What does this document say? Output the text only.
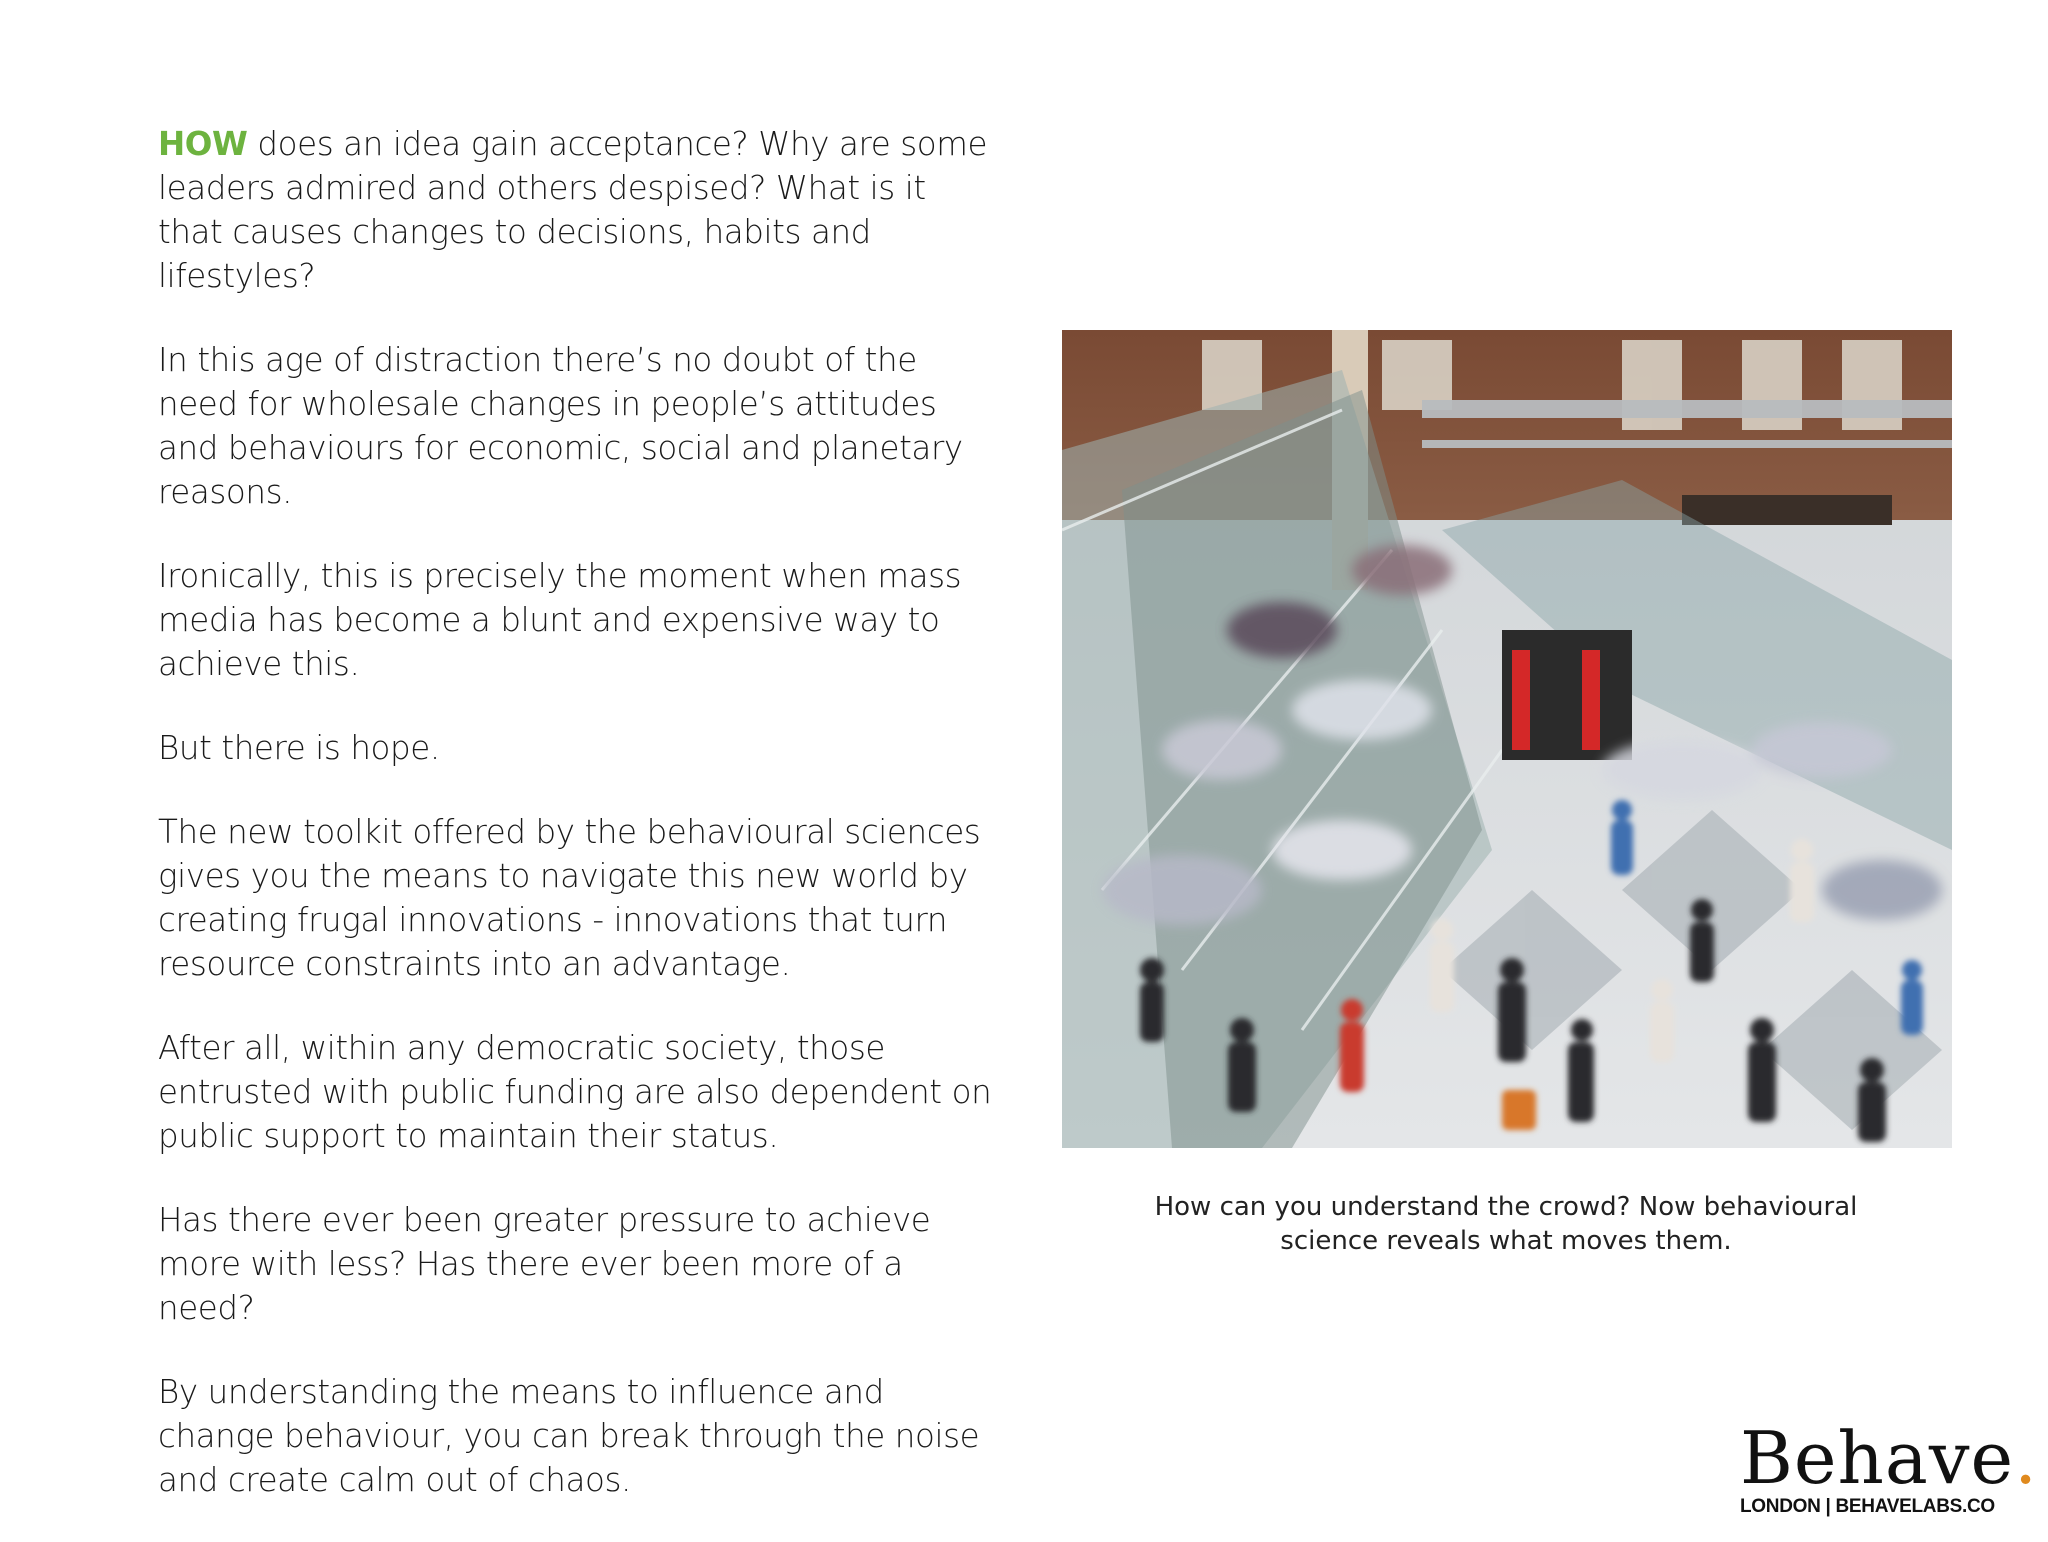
HOW does an idea gain acceptance? Why are some leaders admired and others despised? What is it that causes changes to decisions, habits and lifestyles?

In this age of distraction there’s no doubt of the need for wholesale changes in people’s attitudes and behaviours for economic, social and planetary reasons.

Ironically, this is precisely the moment when mass media has become a blunt and expensive way to achieve this.

But there is hope.

The new toolkit offered by the behavioural sciences gives you the means to navigate this new world by creating frugal innovations - innovations that turn resource constraints into an advantage.

After all, within any democratic society, those entrusted with public funding are also dependent on public support to maintain their status.

Has there ever been greater pressure to achieve more with less? Has there ever been more of a need?

By understanding the means to influence and change behaviour, you can break through the noise and create calm out of chaos.

How can you understand the crowd? Now behavioural
science reveals what moves them.
Behave.
LONDON | BEHAVELABS.CO
